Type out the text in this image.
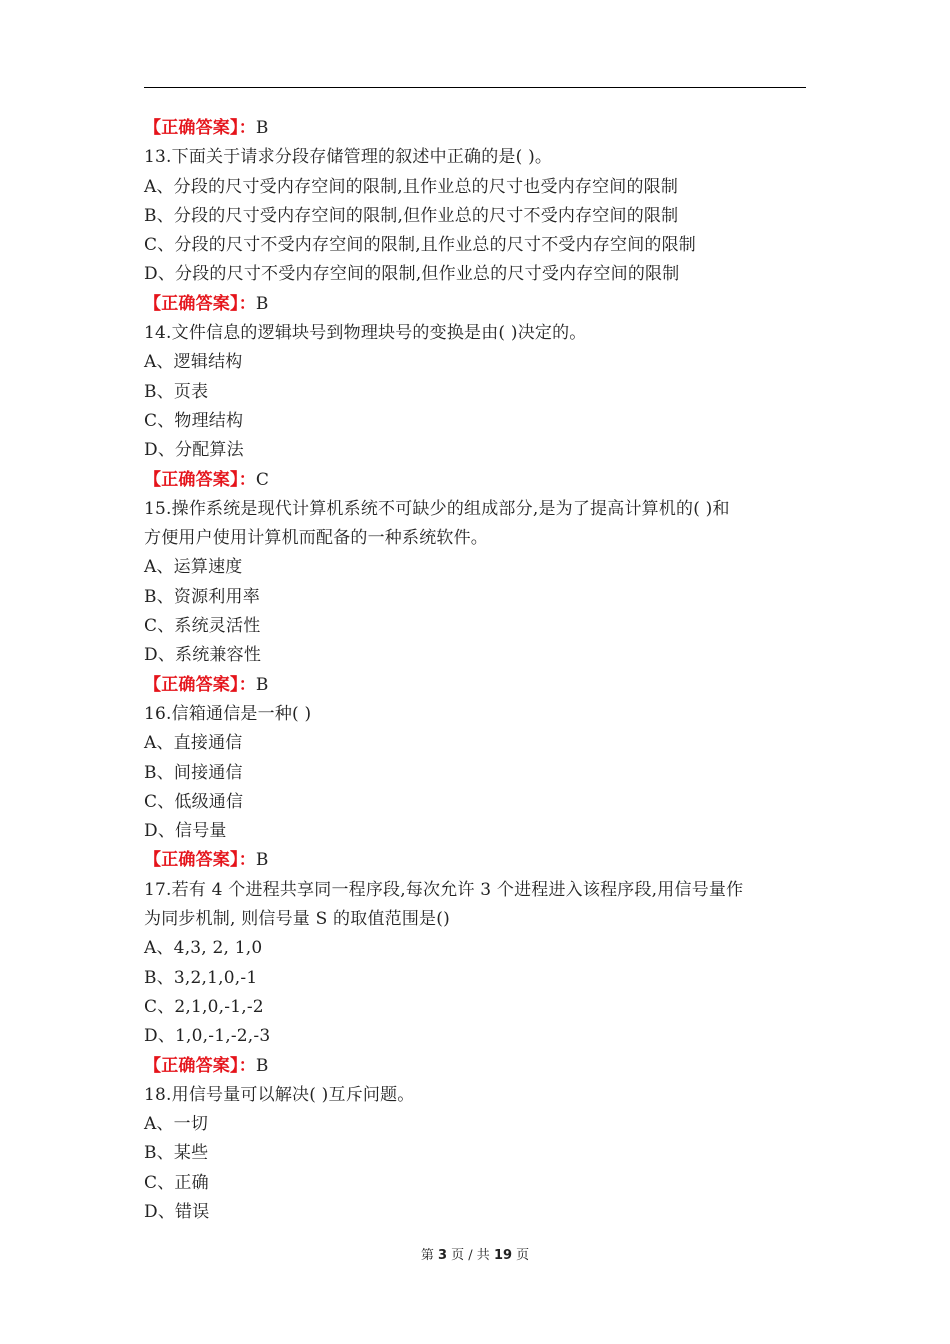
【正确答案】：B
13.下面关于请求分段存储管理的叙述中正确的是( )。
A、分段的尺寸受内存空间的限制,且作业总的尺寸也受内存空间的限制
B、分段的尺寸受内存空间的限制,但作业总的尺寸不受内存空间的限制
C、分段的尺寸不受内存空间的限制,且作业总的尺寸不受内存空间的限制
D、分段的尺寸不受内存空间的限制,但作业总的尺寸受内存空间的限制
【正确答案】：B
14.文件信息的逻辑块号到物理块号的变换是由( )决定的。
A、逻辑结构
B、页表
C、物理结构
D、分配算法
【正确答案】：C
15.操作系统是现代计算机系统不可缺少的组成部分,是为了提高计算机的( )和
方便用户使用计算机而配备的一种系统软件。
A、运算速度
B、资源利用率
C、系统灵活性
D、系统兼容性
【正确答案】：B
16.信箱通信是一种( )
A、直接通信
B、间接通信
C、低级通信
D、信号量
【正确答案】：B
17.若有 4 个进程共享同一程序段,每次允许 3 个进程进入该程序段,用信号量作
为同步机制, 则信号量 S 的取值范围是()
A、4,3, 2, 1,0
B、3,2,1,0,-1
C、2,1,0,-1,-2
D、1,0,-1,-2,-3
【正确答案】：B
18.用信号量可以解决( )互斥问题。
A、一切
B、某些
C、正确
D、错误
第 3 页 / 共 19 页
